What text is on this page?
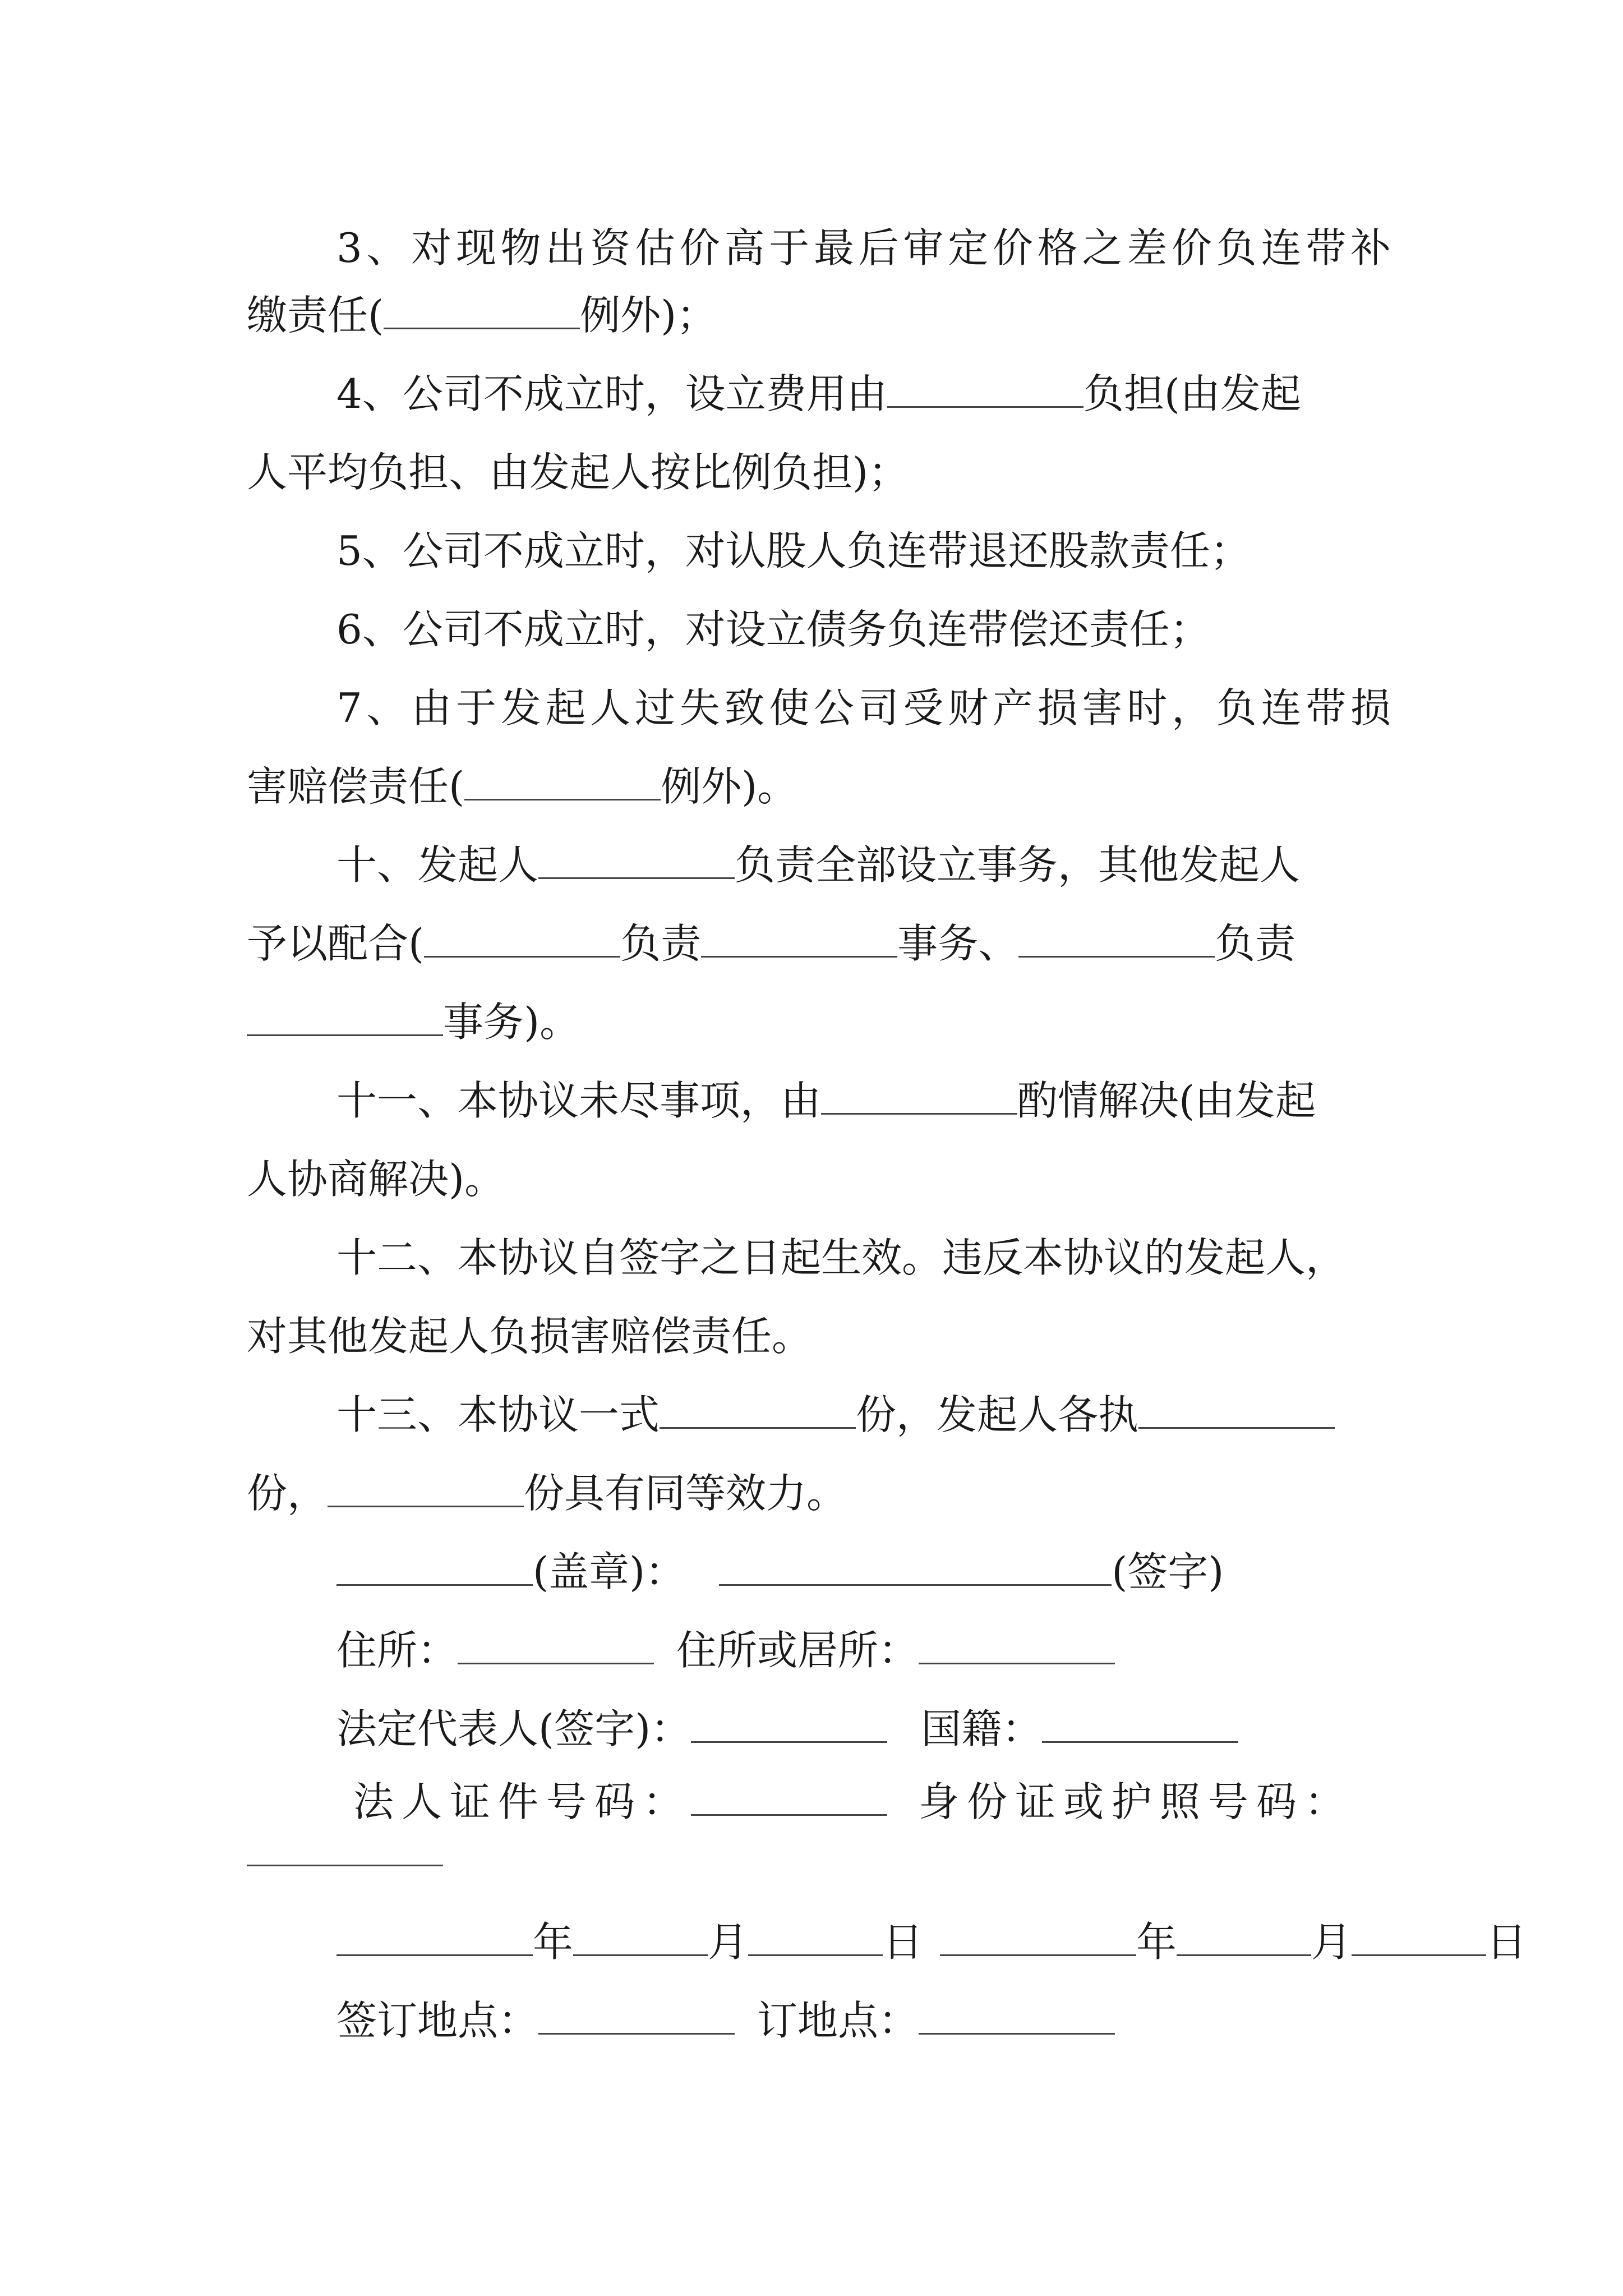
3、对现物出资估价高于最后审定价格之差价负连带补
缴责任(	例外)；
4、公司不成立时，设立费用由	负担(由发起
人平均负担、由发起人按比例负担)；
5、公司不成立时，对认股人负连带退还股款责任；
6、公司不成立时，对设立债务负连带偿还责任；
7、由于发起人过失致使公司受财产损害时，负连带损
害赔偿责任(	例外)。
十、发起人	负责全部设立事务，其他发起人
予以配合(	负责	事务、	负责
事务)。
十一、本协议未尽事项，由	酌情解决(由发起
人协商解决)。
十二、本协议自签字之日起生效。违反本协议的发起人，
对其他发起人负损害赔偿责任。
十三、本协议一式	份，发起人各执
份，	份具有同等效力。
(盖章)：	(签字)
住所：	住所或居所：
法定代表人(签字)：	国籍：
法人证件号码：	身份证或护照号码：
年	月	日	年	月	日
签订地点：	订地点：
